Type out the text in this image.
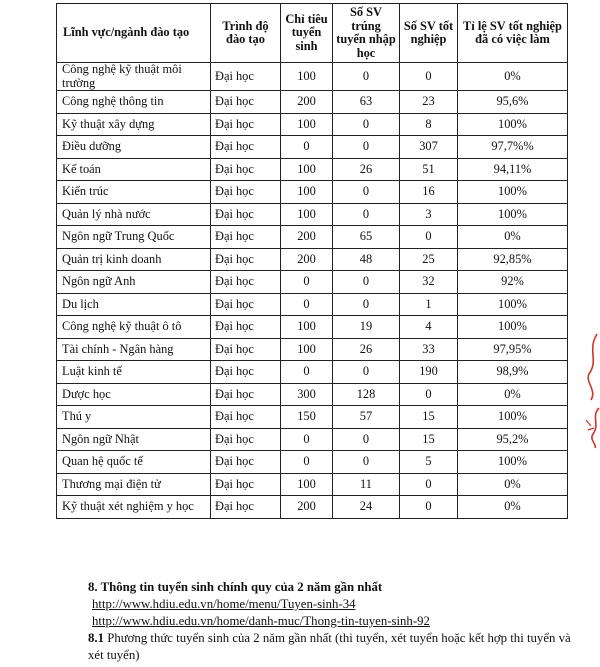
Lĩnh vực/ngành đào tạo	Trình độ đào tạo	Chỉ tiêu tuyển sinh	Số SV trúng tuyển nhập học	Số SV tốt nghiệp	Tỉ lệ SV tốt nghiệp đã có việc làm
Công nghệ kỹ thuật môi trường	Đại học	100	0	0	0%
Công nghệ thông tin	Đại học	200	63	23	95,6%
Kỹ thuật xây dựng	Đại học	100	0	8	100%
Điều dưỡng	Đại học	0	0	307	97,7%%
Kế toán	Đại học	100	26	51	94,11%
Kiến trúc	Đại học	100	0	16	100%
Quản lý nhà nước	Đại học	100	0	3	100%
Ngôn ngữ Trung Quốc	Đại học	200	65	0	0%
Quản trị kinh doanh	Đại học	200	48	25	92,85%
Ngôn ngữ Anh	Đại học	0	0	32	92%
Du lịch	Đại học	0	0	1	100%
Công nghệ kỹ thuật ô tô	Đại học	100	19	4	100%
Tài chính - Ngân hàng	Đại học	100	26	33	97,95%
Luật kinh tế	Đại học	0	0	190	98,9%
Dược học	Đại học	300	128	0	0%
Thú y	Đại học	150	57	15	100%
Ngôn ngữ Nhật	Đại học	0	0	15	95,2%
Quan hệ quốc tế	Đại học	0	0	5	100%
Thương mại điện tử	Đại học	100	11	0	0%
Kỹ thuật xét nghiệm y học	Đại học	200	24	0	0%
8. Thông tin tuyển sinh chính quy của 2 năm gần nhất
http://www.hdiu.edu.vn/home/menu/Tuyen-sinh-34
http://www.hdiu.edu.vn/home/danh-muc/Thong-tin-tuyen-sinh-92
8.1 Phương thức tuyển sinh của 2 năm gần nhất (thi tuyển, xét tuyển hoặc kết hợp thi tuyển và xét tuyển)
